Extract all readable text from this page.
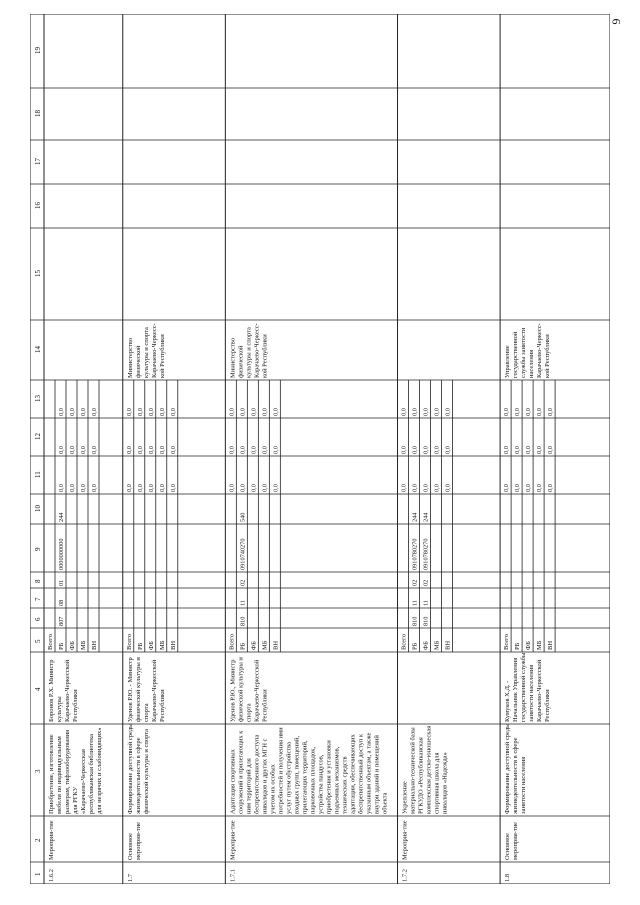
6
1
2
3
4
5
6
7
8
9
10
11
12
13
14
15
16
17
18
19
1.6.2
Мероприя-тие
Приобретение, изготовлениемебели по индивидуальнымразмерам, тифлооборудованиядля РГКУ«Карачаево-Черкесскаяреспубликанская библиотекадля незрячих и слабовидящих»
Боронов Р.Х. МинистркультурыКарачаево-ЧеркесскойРеспублики
Всего РБ
807
08
01
0000000000
244
0,0
0,0
0,0
ФБ
0,0
0,0
0,0
МБ
0,0
0,0
0,0
ВН
0,0
0,0
0,0
1.7
Основноемероприя-тие
Формирование доступной средыжизнедеятельности в сферефизической культуры и спорта
Уденов Р.Ю. - Министрфизической культуры испортаКарачаево-ЧеркесскойРеспублики
Всего
0,0
0,0
0,0
РБ
0,0
0,0
0,0
ФБ
0,0
0,0
0,0
МБ
0,0
0,0
0,0
ВН
0,0
0,0
0,0
Министерствофизическойкультуры и спортаКарачаево-Черкесс-кой Республики
1.7.1
Мероприя-тие
Адаптация спортивныхсооружений и прилегающих кним территорий длябеспрепятственного доступаинвалидов и других МГН сучетом их особыхпотребностей и получения имиуслуг путем обустройствавходных групп, помещений,прилегающих территорий,парковочных площадок,устройства пандусов,приобретения и установкиподъемных механизмов,технических средствадаптации, обеспечивающихбеспрепятственный доступ куказанным объектам, а такжевнутри зданий и помещенийобъекта
Уденов Р.Ю., Министрфизической культуры испортаКарачаево-ЧеркесскойРеспублики
Всего
0,0
0,0
0,0
РБ
810
11
02
0910740270
540
0,0
0,0
0,0
ФБ
0,0
0,0
0,0
МБ
0,0
0,0
0,0
ВН
0,0
0,0
0,0
Министерствофизическойкультуры и спортаКарачаево-Черкесс-кой Республики
1.7.2
Мероприя-тие
Укреплениематериально-технической базыРГКУДО «Республиканскаякомплексная детско-юношескаяспортивная школа дляинвалидов «Надежда»
Всего
0,0
0,0
0,0
РБ
810
11
02
0910780270
244
0,0
0,0
0,0
ФБ
810
11
02
0910780270
244
0,0
0,0
0,0
МБ
0,0
0,0
0,0
ВН
0,0
0,0
0,0
1.8
Основноемероприя-тие
Формирование доступной средыжизнедеятельности в сферезанятости населения
Кумуков Х.Д. -Начальник Управлениягосударственной службызанятости населенияКарачаево-ЧеркесскойРеспублики
Всего
0,0
0,0
0,0
РБ
0,0
0,0
0,0
ФБ
0,0
0,0
0,0
МБ
0,0
0,0
0,0
ВН
0,0
0,0
0,0
Управлениегосударственнойслужбы занятостинаселенияКарачаево-Черкесс-кой Республики
